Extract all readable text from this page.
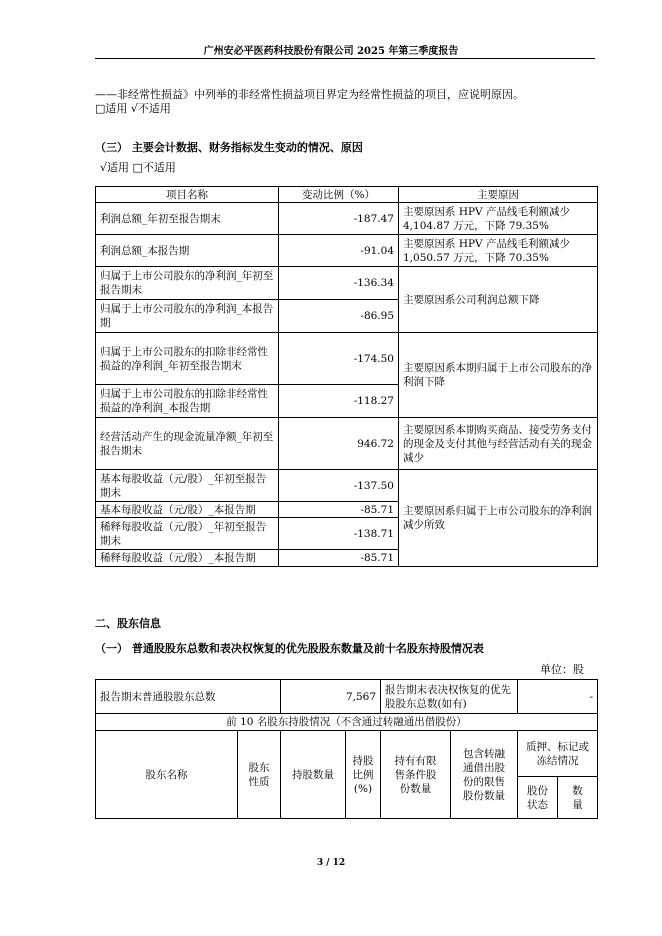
广州安必平医药科技股份有限公司 2025 年第三季度报告
——非经常性损益》中列举的非经常性损益项目界定为经常性损益的项目，应说明原因。
□适用 √不适用
（三） 主要会计数据、财务指标发生变动的情况、原因
√适用 □不适用
项目名称	变动比例（%）	主要原因
利润总额_年初至报告期末	-187.47	主要原因系 HPV 产品线毛利额减少 4,104.87 万元，下降 79.35%
利润总额_本报告期	-91.04	主要原因系 HPV 产品线毛利额减少 1,050.57 万元，下降 70.35%
归属于上市公司股东的净利润_年初至报告期末	-136.34	主要原因系公司利润总额下降
归属于上市公司股东的净利润_本报告期	-86.95	
归属于上市公司股东的扣除非经常性损益的净利润_年初至报告期末	-174.50	主要原因系本期归属于上市公司股东的净利润下降
归属于上市公司股东的扣除非经常性损益的净利润_本报告期	-118.27	
经营活动产生的现金流量净额_年初至报告期末	946.72	主要原因系本期购买商品、接受劳务支付的现金及支付其他与经营活动有关的现金减少
基本每股收益（元/股）_年初至报告期末	-137.50	主要原因系归属于上市公司股东的净利润减少所致
基本每股收益（元/股）_本报告期	-85.71	
稀释每股收益（元/股）_年初至报告期末	-138.71	
稀释每股收益（元/股）_本报告期	-85.71	
二、股东信息
（一） 普通股股东总数和表决权恢复的优先股股东数量及前十名股东持股情况表
单位：股
报告期末普通股股东总数		7,567		报告期末表决权恢复的优先股股东总数(如有)		-	
前 10 名股东持股情况（不含通过转融通出借股份）							
股东名称	股东性质	持股数量	持股比例(%)	持有有限售条件股份数量	包含转融通借出股份的限售股份数量	质押、标记或冻结情况	
						股份状态	数量
3 / 12
